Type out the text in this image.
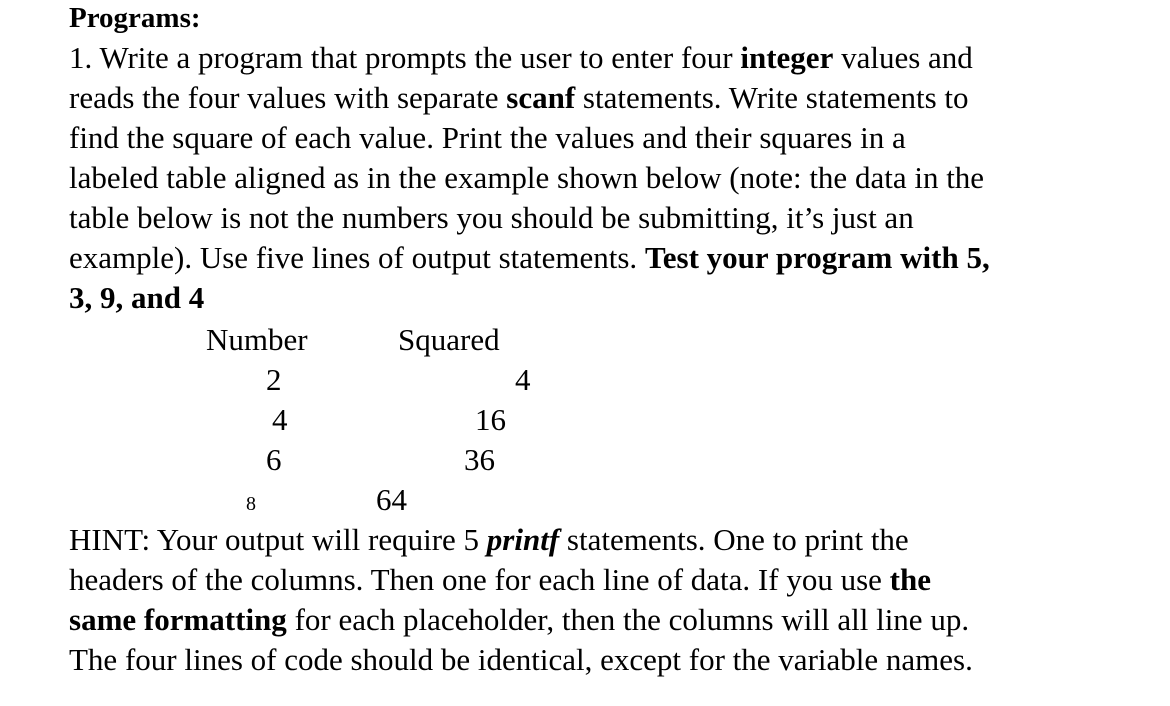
Programs:
1. Write a program that prompts the user to enter four integer values and
reads the four values with separate scanf statements. Write statements to
find the square of each value. Print the values and their squares in a
labeled table aligned as in the example shown below (note: the data in the
table below is not the numbers you should be submitting, it’s just an
example). Use five lines of output statements. Test your program with 5,
3, 9, and 4
Number	Squared
2	4
4	16
6	36
8	64
HINT: Your output will require 5 printf statements. One to print the
headers of the columns. Then one for each line of data. If you use the
same formatting for each placeholder, then the columns will all line up.
The four lines of code should be identical, except for the variable names.
